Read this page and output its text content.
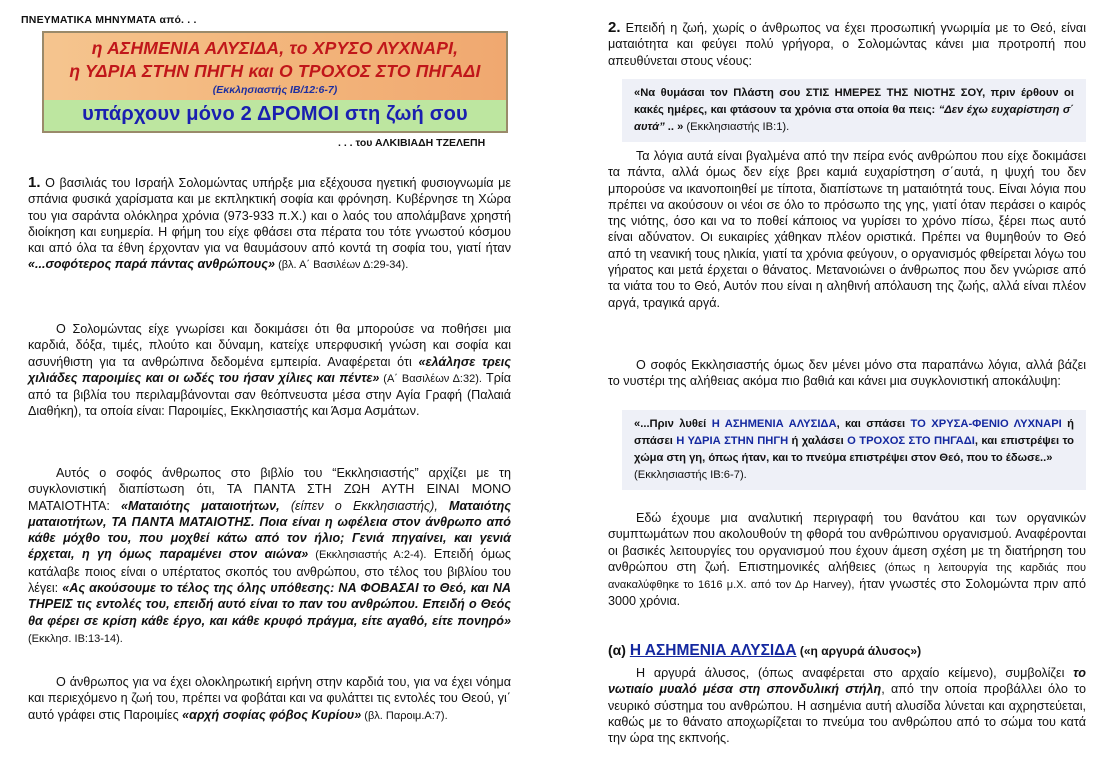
ΠΝΕΥΜΑΤΙΚΑ ΜΗΝΥΜΑΤΑ από. . .
η ΑΣΗΜΕΝΙΑ ΑΛΥΣΙΔΑ, το ΧΡΥΣΟ ΛΥΧΝΑΡΙ,
η ΥΔΡΙΑ ΣΤΗΝ ΠΗΓΗ και Ο ΤΡΟΧΟΣ ΣΤΟ ΠΗΓΑΔΙ
(Εκκλησιαστής ΙΒ/12:6-7)
υπάρχουν μόνο 2 ΔΡΟΜΟΙ στη ζωή σου
. . . του ΑΛΚΙΒΙΑΔΗ ΤΖΕΛΕΠΗ
1. Ο βασιλιάς του Ισραήλ Σολομώντας υπήρξε μια εξέχουσα ηγετική φυσιογνωμία με σπάνια φυσικά χαρίσματα και με εκπληκτική σοφία και φρόνηση. Κυβέρνησε τη Χώρα του για σαράντα ολόκληρα χρόνια (973-933 π.Χ.) και ο λαός του απολάμβανε χρηστή διοίκηση και ευημερία. Η φήμη του είχε φθάσει στα πέρατα του τότε γνωστού κόσμου και από όλα τα έθνη έρχονταν για να θαυμάσουν από κοντά τη σοφία του, γιατί ήταν «...σοφότερος παρά πάντας ανθρώπους» (βλ. Α΄ Βασιλέων Δ:29-34).
Ο Σολομώντας είχε γνωρίσει και δοκιμάσει ότι θα μπορούσε να ποθήσει μια καρδιά, δόξα, τιμές, πλούτο και δύναμη, κατείχε υπερφυσική γνώση και σοφία και ασυνήθιστη για τα ανθρώπινα δεδομένα εμπειρία. Αναφέρεται ότι «ελάλησε τρεις χιλιάδες παροιμίες και οι ωδές του ήσαν χίλιες και πέντε» (Α΄ Βασιλέων Δ:32). Τρία από τα βιβλία του περιλαμβάνονται σαν θεόπνευστα μέσα στην Αγία Γραφή (Παλαιά Διαθήκη), τα οποία είναι: Παροιμίες, Εκκλησιαστής και Άσμα Ασμάτων.
Αυτός ο σοφός άνθρωπος στο βιβλίο του “Εκκλησιαστής” αρχίζει με τη συγκλονιστική διαπίστωση ότι, ΤΑ ΠΑΝΤΑ ΣΤΗ ΖΩΗ ΑΥΤΗ ΕΙΝΑΙ ΜΟΝΟ ΜΑΤΑΙΟΤΗΤΑ: «Ματαιότης ματαιοτήτων, (είπεν ο Εκκλησιαστής), Ματαιότης ματαιοτήτων, ΤΑ ΠΑΝΤΑ ΜΑΤΑΙΟΤΗΣ. Ποια είναι η ωφέλεια στον άνθρωπο από κάθε μόχθο του, που μοχθεί κάτω από τον ήλιο; Γενιά πηγαίνει, και γενιά έρχεται, η γη όμως παραμένει στον αιώνα» (Εκκλησιαστής Α:2-4). Επειδή όμως κατάλαβε ποιος είναι ο υπέρτατος σκοπός του ανθρώπου, στο τέλος του βιβλίου του λέγει: «Ας ακούσουμε το τέλος της όλης υπόθεσης: ΝΑ ΦΟΒΑΣΑΙ το Θεό, και ΝΑ ΤΗΡΕΙΣ τις εντολές του, επειδή αυτό είναι το παν του ανθρώπου. Επειδή ο Θεός θα φέρει σε κρίση κάθε έργο, και κάθε κρυφό πράγμα, είτε αγαθό, είτε πονηρό» (Εκκλησ. ΙΒ:13-14).
Ο άνθρωπος για να έχει ολοκληρωτική ειρήνη στην καρδιά του, για να έχει νόημα και περιεχόμενο η ζωή του, πρέπει να φοβάται και να φυλάττει τις εντολές του Θεού, γι΄ αυτό γράφει στις Παροιμίες «αρχή σοφίας φόβος Κυρίου» (βλ. Παροιμ.Α:7).
2. Επειδή η ζωή, χωρίς ο άνθρωπος να έχει προσωπική γνωριμία με το Θεό, είναι ματαιότητα και φεύγει πολύ γρήγορα, ο Σολομώντας κάνει μια προτροπή που απευθύνεται στους νέους:
«Να θυμάσαι τον Πλάστη σου ΣΤΙΣ ΗΜΕΡΕΣ ΤΗΣ ΝΙΟΤΗΣ ΣΟΥ, πριν έρθουν οι κακές ημέρες, και φτάσουν τα χρόνια στα οποία θα πεις: “Δεν έχω ευχαρίστηση σ΄ αυτά” .. » (Εκκλησιαστής ΙΒ:1).
Τα λόγια αυτά είναι βγαλμένα από την πείρα ενός ανθρώπου που είχε δοκιμάσει τα πάντα, αλλά όμως δεν είχε βρει καμιά ευχαρίστηση σ΄αυτά, η ψυχή του δεν μπορούσε να ικανοποιηθεί με τίποτα, διαπίστωνε τη ματαιότητά τους. Είναι λόγια που πρέπει να ακούσουν οι νέοι σε όλο το πρόσωπο της γης, γιατί όταν περάσει ο καιρός της νιότης, όσο και να το ποθεί κάποιος να γυρίσει το χρόνο πίσω, ξέρει πως αυτό είναι αδύνατον. Οι ευκαιρίες χάθηκαν πλέον οριστικά. Πρέπει να θυμηθούν το Θεό από τη νεανική τους ηλικία, γιατί τα χρόνια φεύγουν, ο οργανισμός φθείρεται λόγω του γήρατος και μετά έρχεται ο θάνατος. Μετανοιώνει ο άνθρωπος που δεν γνώρισε από τα νιάτα του το Θεό, Αυτόν που είναι η αληθινή απόλαυση της ζωής, αλλά είναι πλέον αργά, τραγικά αργά.
Ο σοφός Εκκλησιαστής όμως δεν μένει μόνο στα παραπάνω λόγια, αλλά βάζει το νυστέρι της αλήθειας ακόμα πιο βαθιά και κάνει μια συγκλονιστική αποκάλυψη:
«...Πριν λυθεί Η ΑΣΗΜΕΝΙΑ ΑΛΥΣΙΔΑ, και σπάσει ΤΟ ΧΡΥΣΑ-ΦΕΝΙΟ ΛΥΧΝΑΡΙ ή σπάσει Η ΥΔΡΙΑ ΣΤΗΝ ΠΗΓΗ ή χαλάσει Ο ΤΡΟΧΟΣ ΣΤΟ ΠΗΓΑΔΙ, και επιστρέψει το χώμα στη γη, όπως ήταν, και το πνεύμα επιστρέψει στον Θεό, που το έδωσε..»
(Εκκλησιαστής ΙΒ:6-7).
Εδώ έχουμε μια αναλυτική περιγραφή του θανάτου και των οργανικών συμπτωμάτων που ακολουθούν τη φθορά του ανθρώπινου οργανισμού. Αναφέρονται οι βασικές λειτουργίες του οργανισμού που έχουν άμεση σχέση με τη διατήρηση του ανθρώπου στη ζωή. Επιστημονικές αλήθειες (όπως η λειτουργία της καρδιάς που ανακαλύφθηκε το 1616 μ.Χ. από τον Δρ Harvey), ήταν γνωστές στο Σολομώντα πριν από 3000 χρόνια.
(α) Η ΑΣΗΜΕΝΙΑ ΑΛΥΣΙΔΑ («η αργυρά άλυσος»)
Η αργυρά άλυσος, (όπως αναφέρεται στο αρχαίο κείμενο), συμβολίζει το νωτιαίο μυαλό μέσα στη σπονδυλική στήλη, από την οποία προβάλλει όλο το νευρικό σύστημα του ανθρώπου. Η ασημένια αυτή αλυσίδα λύνεται και αχρηστεύεται, καθώς με το θάνατο αποχωρίζεται το πνεύμα του ανθρώπου από το σώμα του κατά την ώρα της εκπνοής.
